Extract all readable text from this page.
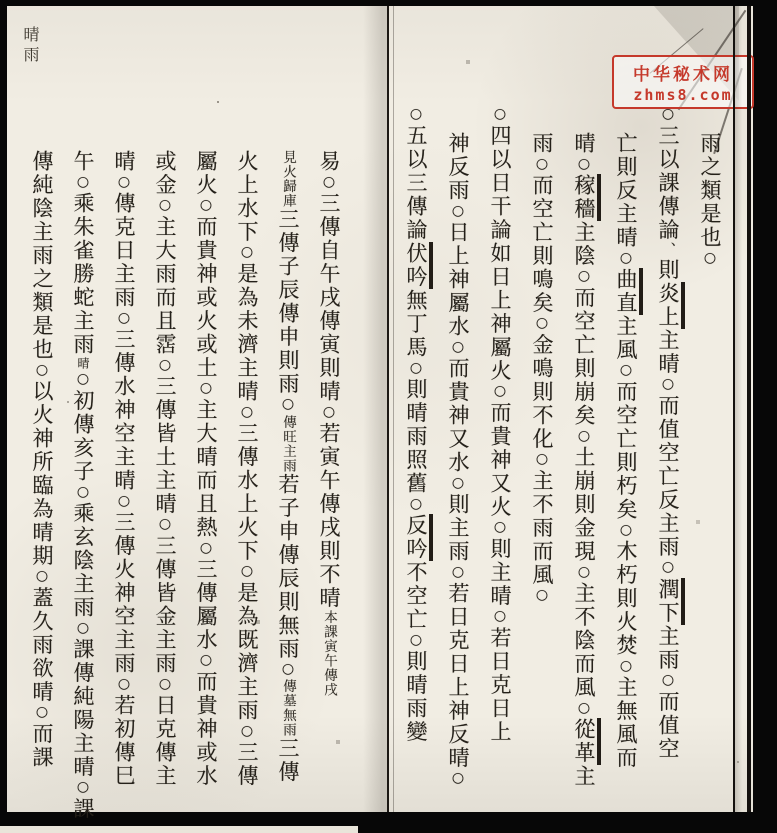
晴雨
中华秘术网
zhms8.com
雨之類是也○
○三以課傳論、則炎上主晴○而值空亡反主雨○潤下主雨○而值空
亡則反主晴○曲直主風○而空亡則朽矣○木朽則火焚○主無風而
晴○稼穡主陰○而空亡則崩矣○土崩則金現○主不陰而風○從革主
雨○而空亡則鳴矣○金鳴則不化○主不雨而風○
○四以日干論如日上神屬火○而貴神又火○則主晴○若日克日上
神反雨○日上神屬水○而貴神又水○則主雨○若日克日上神反晴○
○五以三傳論伏吟無丁馬○則晴雨照舊○反吟不空亡○則晴雨變
易○三傳自午戌傳寅則晴○若寅午傳戌則不晴本課寅午傳戌
見火歸庫三傳子辰傳申則雨○傳旺主雨若子申傳辰則無雨○傳墓無雨三傳
火上水下○是為未濟主晴○三傳水上火下○是為既濟主雨○三傳
屬火○而貴神或火或土○主大晴而且熱○三傳屬水○而貴神或水
或金○主大雨而且霑○三傳皆土主晴○三傳皆金主雨○日克傳主
晴○傳克日主雨○三傳水神空主晴○三傳火神空主雨○若初傳巳
午○乘朱雀勝蛇主雨晴○初傳亥子○乘玄陰主雨○課傳純陽主晴○課
傳純陰主雨之類是也○以火神所臨為晴期○蓋久雨欲晴○而課
